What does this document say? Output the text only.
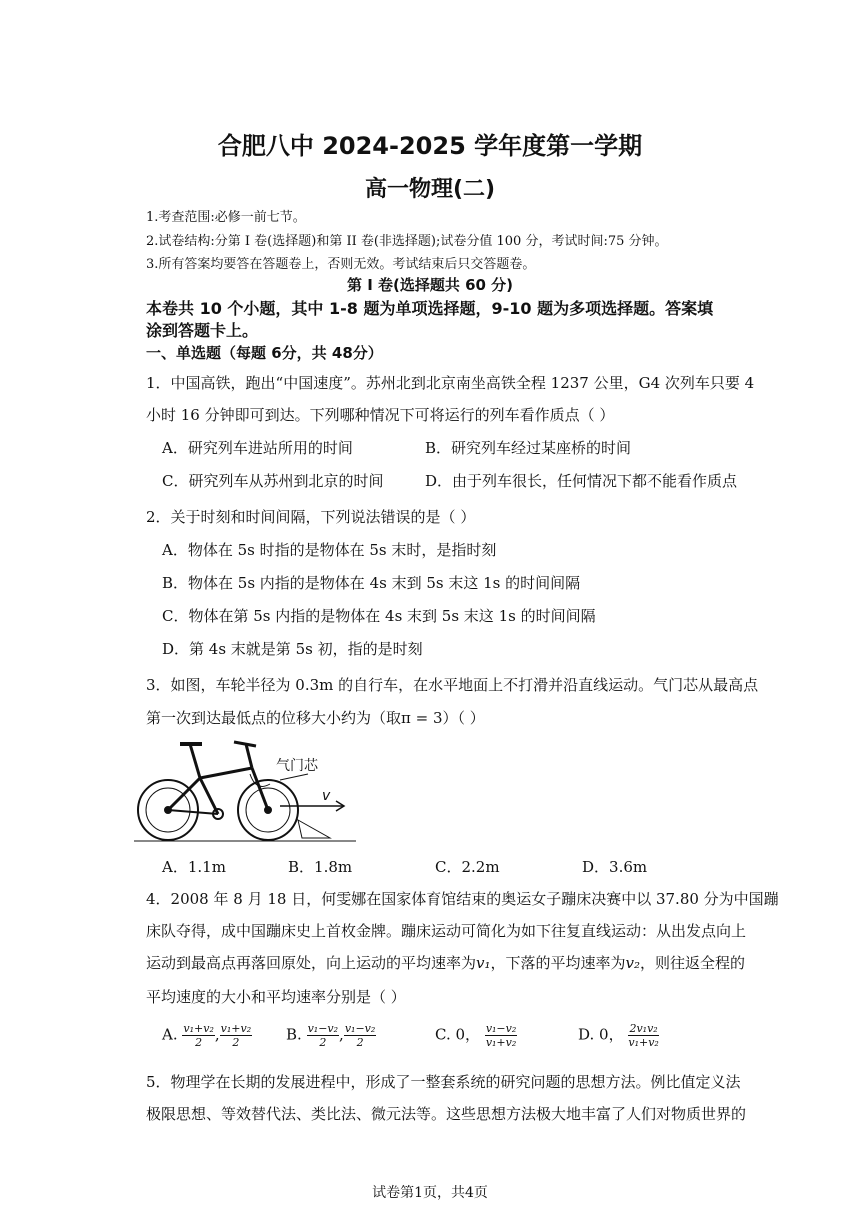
合肥八中 2024-2025 学年度第一学期
高一物理(二)
1.考查范围:必修一前七节。
2.试卷结构:分第 I 卷(选择题)和第 II 卷(非选择题);试卷分值 100 分，考试时间:75 分钟。
3.所有答案均要答在答题卷上，否则无效。考试结束后只交答题卷。
第 I 卷(选择题共 60 分)
本卷共 10 个小题，其中 1-8 题为单项选择题，9-10 题为多项选择题。答案填
涂到答题卡上。
一、单选题（每题 6分，共 48分）
1．中国高铁，跑出“中国速度”。苏州北到北京南坐高铁全程 1237 公里，G4 次列车只要 4
小时 16 分钟即可到达。下列哪种情况下可将运行的列车看作质点（ ）
A．研究列车进站所用的时间	B．研究列车经过某座桥的时间
C．研究列车从苏州到北京的时间	D．由于列车很长，任何情况下都不能看作质点
2．关于时刻和时间间隔，下列说法错误的是（ ）
A．物体在 5s 时指的是物体在 5s 末时，是指时刻
B．物体在 5s 内指的是物体在 4s 末到 5s 末这 1s 的时间间隔
C．物体在第 5s 内指的是物体在 4s 末到 5s 末这 1s 的时间间隔
D．第 4s 末就是第 5s 初，指的是时刻
3．如图，车轮半径为 0.3m 的自行车，在水平地面上不打滑并沿直线运动。气门芯从最高点
第一次到达最低点的位移大小约为（取π = 3）（ ）
气门芯
v
A．1.1m	B．1.8m	C．2.2m	D．3.6m
4．2008 年 8 月 18 日，何雯娜在国家体育馆结束的奥运女子蹦床决赛中以 37.80 分为中国蹦
床队夺得，成中国蹦床史上首枚金牌。蹦床运动可简化为如下往复直线运动：从出发点向上
运动到最高点再落回原处，向上运动的平均速率为v₁，下落的平均速率为v₂，则往返全程的
平均速度的大小和平均速率分别是（ ）
A. $\frac{\text{v₁+v₂}}{2}$ , $\frac{\text{v₁+v₂}}{2} B$. $\frac{\text{v₁−v₂}}{2}$ , $\frac{\text{v₁−v₂}}{2}$	C. 0， $\frac{\text{v₁−v₂}}{\text{v₁+v₂}}$	D. 0， $\frac{\text{2v₁v₂}}{\text{v₁+v₂}}$
5．物理学在长期的发展进程中，形成了一整套系统的研究问题的思想方法。例比值定义法
极限思想、等效替代法、类比法、微元法等。这些思想方法极大地丰富了人们对物质世界的
试卷第1页，共4页
